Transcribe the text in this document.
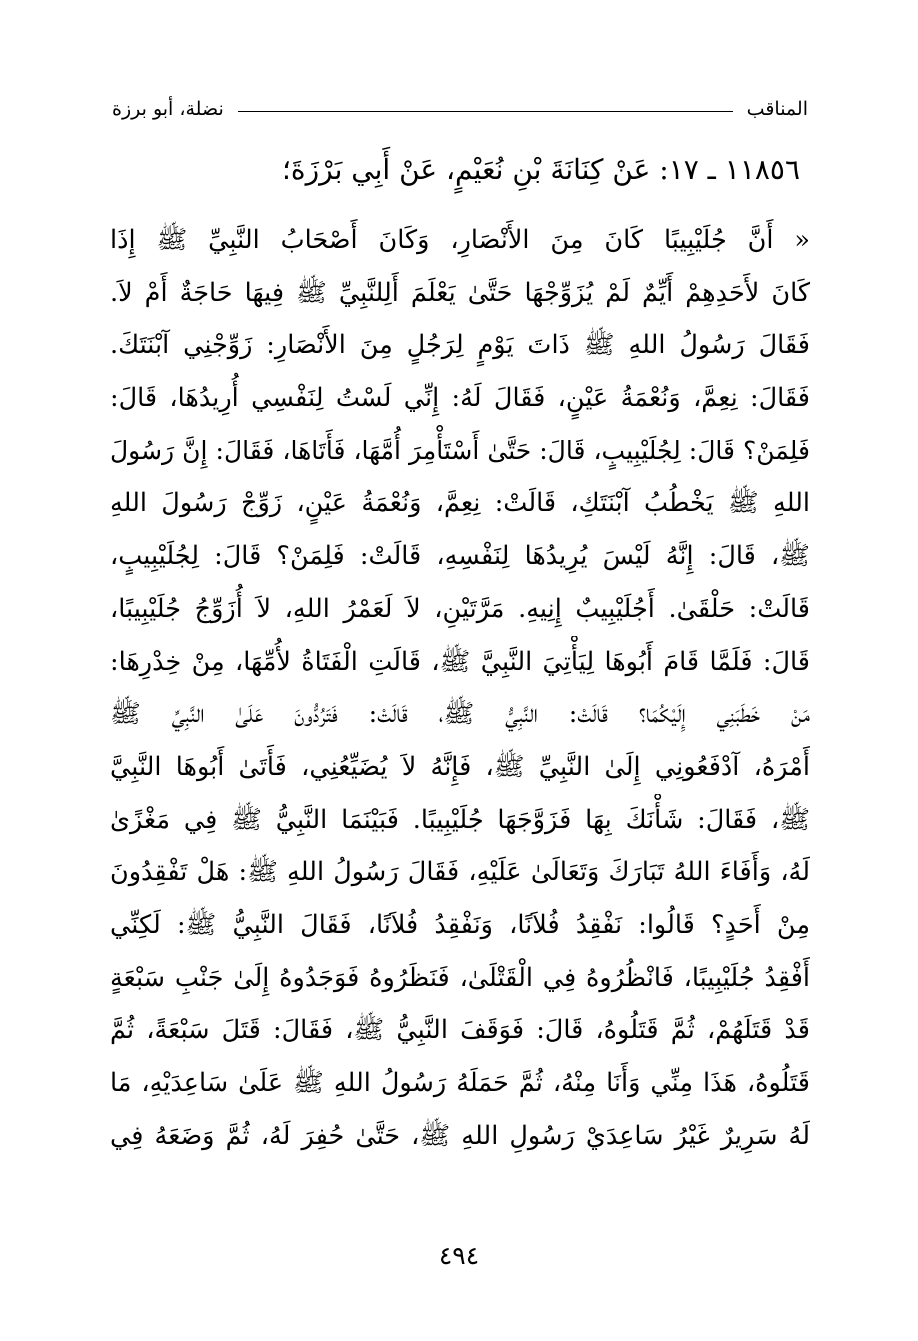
المناقب
نضلة، أبو برزة
١١٨٥٦ ـ ١٧: عَنْ كِنَانَةَ بْنِ نُعَيْمٍ، عَنْ أَبِي بَرْزَةَ؛
« أَنَّ جُلَيْبِيبًا كَانَ مِنَ الأَنْصَارِ، وَكَانَ أَصْحَابُ النَّبِيِّ ﷺ إِذَا
كَانَ لأَحَدِهِمْ أَيِّمٌ لَمْ يُزَوِّجْهَا حَتَّىٰ يَعْلَمَ أَلِلنَّبِيِّ ﷺ فِيهَا حَاجَةٌ أَمْ لاَ.
فَقَالَ رَسُولُ اللهِ ﷺ ذَاتَ يَوْمٍ لِرَجُلٍ مِنَ الأَنْصَارِ: زَوِّجْنِي آبْنَتَكَ.
فَقَالَ: نِعِمَّ، وَنُعْمَةُ عَيْنٍ، فَقَالَ لَهُ: إِنِّي لَسْتُ لِنَفْسِي أُرِيدُهَا، قَالَ:
فَلِمَنْ؟ قَالَ: لِجُلَيْبِيبٍ، قَالَ: حَتَّىٰ أَسْتَأْمِرَ أُمَّهَا، فَأَتَاهَا، فَقَالَ: إِنَّ رَسُولَ
اللهِ ﷺ يَخْطُبُ آبْنَتَكِ، قَالَتْ: نِعِمَّ، وَنُعْمَةُ عَيْنٍ، زَوِّجْ رَسُولَ اللهِ
ﷺ، قَالَ: إِنَّهُ لَيْسَ يُرِيدُهَا لِنَفْسِهِ، قَالَتْ: فَلِمَنْ؟ قَالَ: لِجُلَيْبِيبٍ،
قَالَتْ: حَلْقَىٰ. أَجُلَيْبِيبٌ إِنِيهِ. مَرَّتَيْنِ، لاَ لَعَمْرُ اللهِ، لاَ أُزَوِّجُ جُلَيْبِيبًا،
قَالَ: فَلَمَّا قَامَ أَبُوهَا لِيَأْتِيَ النَّبِيَّ ﷺ، قَالَتِ الْفَتَاةُ لأُمِّهَا، مِنْ خِدْرِهَا:
مَنْ خَطَبَنِي إِلَيْكُمَا؟ قَالَتْ: النَّبِيُّ ﷺ، قَالَتْ: فَتَرُدُّونَ عَلَىٰ النَّبِيِّ ﷺ
أَمْرَهُ، آدْفَعُونِي إِلَىٰ النَّبِيِّ ﷺ، فَإِنَّهُ لاَ يُضَيِّعُنِي، فَأَتَىٰ أَبُوهَا النَّبِيَّ
ﷺ، فَقَالَ: شَأْنَكَ بِهَا فَزَوَّجَهَا جُلَيْبِيبًا. فَبَيْنَمَا النَّبِيُّ ﷺ فِي مَغْزًىٰ
لَهُ، وَأَفَاءَ اللهُ تَبَارَكَ وَتَعَالَىٰ عَلَيْهِ، فَقَالَ رَسُولُ اللهِ ﷺ: هَلْ تَفْقِدُونَ
مِنْ أَحَدٍ؟ قَالُوا: نَفْقِدُ فُلاَنًا، وَنَفْقِدُ فُلاَنًا، فَقَالَ النَّبِيُّ ﷺ: لَكِنِّي
أَفْقِدُ جُلَيْبِيبًا، فَانْظُرُوهُ فِي الْقَتْلَىٰ، فَنَظَرُوهُ فَوَجَدُوهُ إِلَىٰ جَنْبِ سَبْعَةٍ
قَدْ قَتَلَهُمْ، ثُمَّ قَتَلُوهُ، قَالَ: فَوَقَفَ النَّبِيُّ ﷺ، فَقَالَ: قَتَلَ سَبْعَةً، ثُمَّ
قَتَلُوهُ، هَذَا مِنِّي وَأَنَا مِنْهُ، ثُمَّ حَمَلَهُ رَسُولُ اللهِ ﷺ عَلَىٰ سَاعِدَيْهِ، مَا
لَهُ سَرِيرٌ غَيْرُ سَاعِدَيْ رَسُولِ اللهِ ﷺ، حَتَّىٰ حُفِرَ لَهُ، ثُمَّ وَضَعَهُ فِي
٤٩٤
